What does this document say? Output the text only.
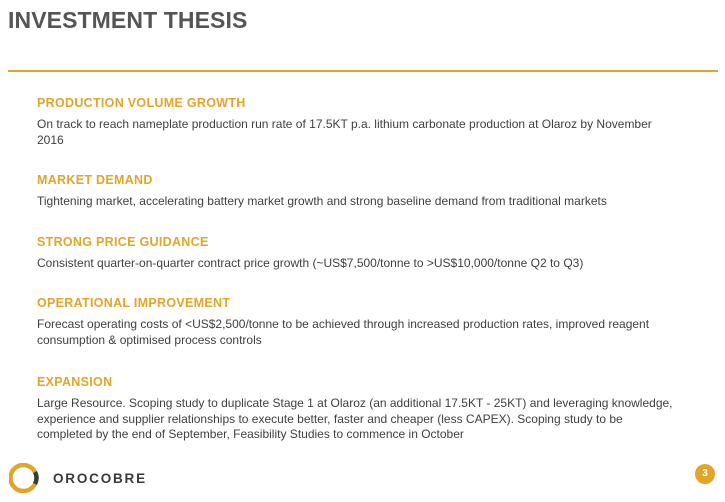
INVESTMENT THESIS

PRODUCTION VOLUME GROWTH

On track to reach nameplate production run rate of 17.5KT p.a. lithium carbonate production at Olaroz by November 2016

MARKET DEMAND

Tightening market, accelerating battery market growth and strong baseline demand from traditional markets

STRONG PRICE GUIDANCE

Consistent quarter-on-quarter contract price growth (~US$7,500/tonne to >US$10,000/tonne Q2 to Q3)

OPERATIONAL IMPROVEMENT

Forecast operating costs of <US$2,500/tonne to be achieved through increased production rates, improved reagent consumption & optimised process controls

EXPANSION

Large Resource. Scoping study to duplicate Stage 1 at Olaroz (an additional 17.5KT - 25KT) and leveraging knowledge, experience and supplier relationships to execute better, faster and cheaper (less CAPEX). Scoping study to be completed by the end of September, Feasibility Studies to commence in October

OROCOBRE	3
